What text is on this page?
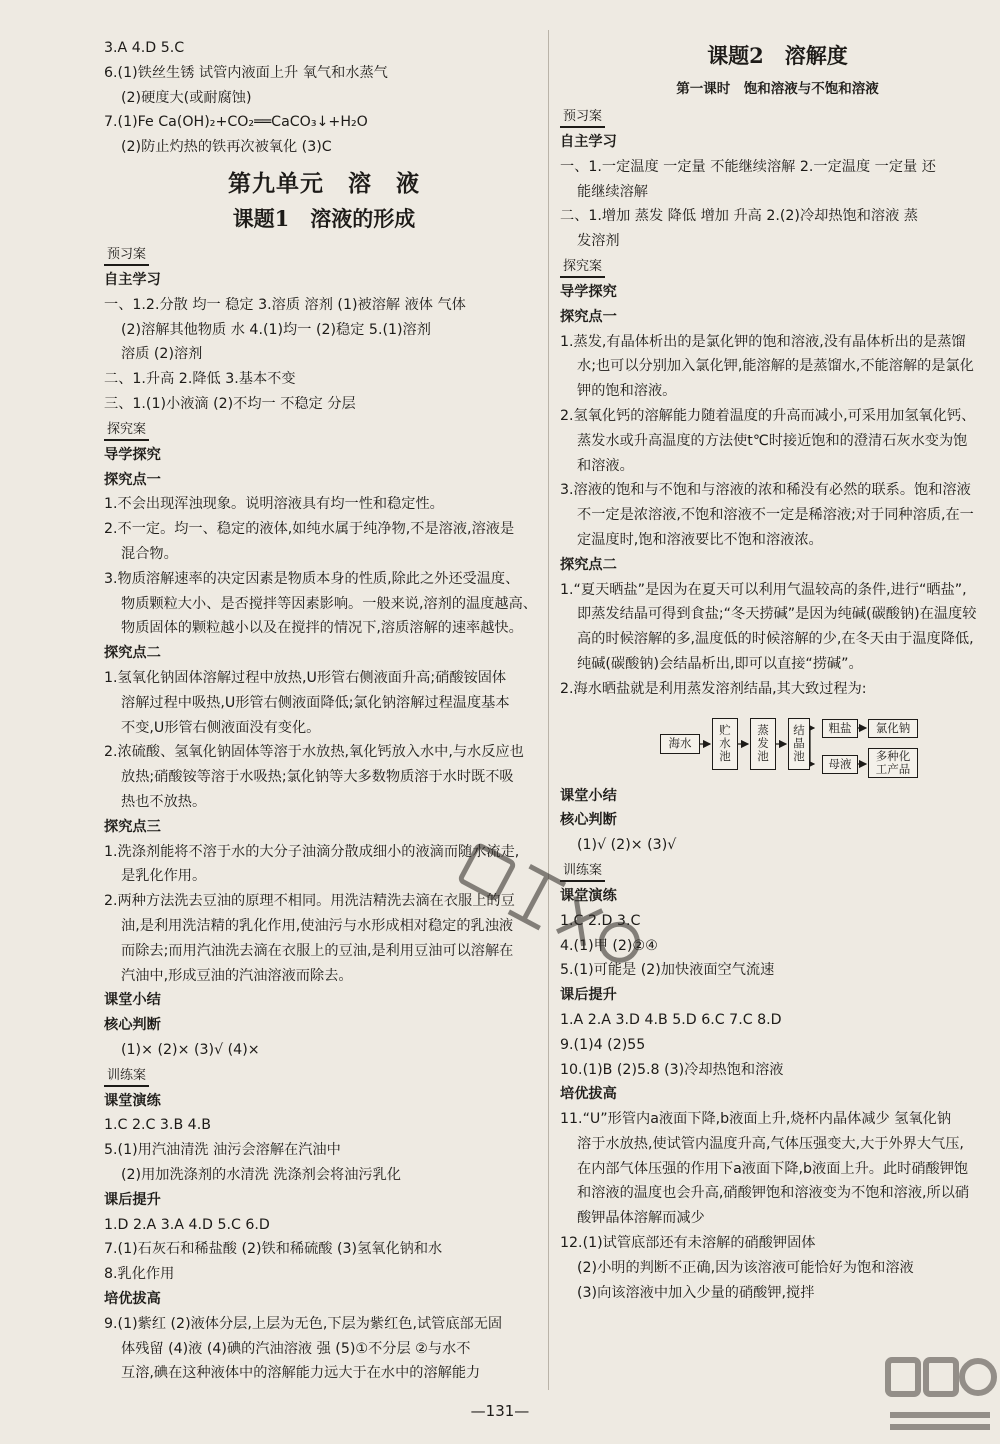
3.A 4.D 5.C
6.(1)铁丝生锈 试管内液面上升 氧气和水蒸气
(2)硬度大(或耐腐蚀)
7.(1)Fe Ca(OH)₂+CO₂══CaCO₃↓+H₂O
(2)防止灼热的铁再次被氧化 (3)C
第九单元　溶　液
课题1　溶液的形成
预习案
自主学习
一、1.2.分散 均一 稳定 3.溶质 溶剂 (1)被溶解 液体 气体
(2)溶解其他物质 水 4.(1)均一 (2)稳定 5.(1)溶剂
溶质 (2)溶剂
二、1.升高 2.降低 3.基本不变
三、1.(1)小液滴 (2)不均一 不稳定 分层
探究案
导学探究
探究点一
1.不会出现浑浊现象。说明溶液具有均一性和稳定性。
2.不一定。均一、稳定的液体,如纯水属于纯净物,不是溶液,溶液是
混合物。
3.物质溶解速率的决定因素是物质本身的性质,除此之外还受温度、
物质颗粒大小、是否搅拌等因素影响。一般来说,溶剂的温度越高、
物质固体的颗粒越小以及在搅拌的情况下,溶质溶解的速率越快。
探究点二
1.氢氧化钠固体溶解过程中放热,U形管右侧液面升高;硝酸铵固体
溶解过程中吸热,U形管右侧液面降低;氯化钠溶解过程温度基本
不变,U形管右侧液面没有变化。
2.浓硫酸、氢氧化钠固体等溶于水放热,氧化钙放入水中,与水反应也
放热;硝酸铵等溶于水吸热;氯化钠等大多数物质溶于水时既不吸
热也不放热。
探究点三
1.洗涤剂能将不溶于水的大分子油滴分散成细小的液滴而随水流走,
是乳化作用。
2.两种方法洗去豆油的原理不相同。用洗洁精洗去滴在衣服上的豆
油,是利用洗洁精的乳化作用,使油污与水形成相对稳定的乳浊液
而除去;而用汽油洗去滴在衣服上的豆油,是利用豆油可以溶解在
汽油中,形成豆油的汽油溶液而除去。
课堂小结
核心判断
(1)× (2)× (3)√ (4)×
训练案
课堂演练
1.C 2.C 3.B 4.B
5.(1)用汽油清洗 油污会溶解在汽油中
(2)用加洗涤剂的水清洗 洗涤剂会将油污乳化
课后提升
1.D 2.A 3.A 4.D 5.C 6.D
7.(1)石灰石和稀盐酸 (2)铁和稀硫酸 (3)氢氧化钠和水
8.乳化作用
培优拔高
9.(1)紫红 (2)液体分层,上层为无色,下层为紫红色,试管底部无固
体残留 (4)液 (4)碘的汽油溶液 强 (5)①不分层 ②与水不
互溶,碘在这种液体中的溶解能力远大于在水中的溶解能力
课题2　溶解度
第一课时　饱和溶液与不饱和溶液
预习案
自主学习
一、1.一定温度 一定量 不能继续溶解 2.一定温度 一定量 还
能继续溶解
二、1.增加 蒸发 降低 增加 升高 2.(2)冷却热饱和溶液 蒸
发溶剂
探究案
导学探究
探究点一
1.蒸发,有晶体析出的是氯化钾的饱和溶液,没有晶体析出的是蒸馏
水;也可以分别加入氯化钾,能溶解的是蒸馏水,不能溶解的是氯化
钾的饱和溶液。
2.氢氧化钙的溶解能力随着温度的升高而减小,可采用加氢氧化钙、
蒸发水或升高温度的方法使t℃时接近饱和的澄清石灰水变为饱
和溶液。
3.溶液的饱和与不饱和与溶液的浓和稀没有必然的联系。饱和溶液
不一定是浓溶液,不饱和溶液不一定是稀溶液;对于同种溶质,在一
定温度时,饱和溶液要比不饱和溶液浓。
探究点二
1.“夏天晒盐”是因为在夏天可以利用气温较高的条件,进行“晒盐”,
即蒸发结晶可得到食盐;“冬天捞碱”是因为纯碱(碳酸钠)在温度较
高的时候溶解的多,温度低的时候溶解的少,在冬天由于温度降低,
纯碱(碳酸钠)会结晶析出,即可以直接“捞碱”。
2.海水晒盐就是利用蒸发溶剂结晶,其大致过程为:
海水
贮水池
蒸发池
结晶池
粗盐	氯化钠
母液
多种化工产品
课堂小结
核心判断
(1)√ (2)× (3)√
训练案
课堂演练
1.C 2.D 3.C
4.(1)甲 (2)②④
5.(1)可能是 (2)加快液面空气流速
课后提升
1.A 2.A 3.D 4.B 5.D 6.C 7.C 8.D
9.(1)4 (2)55
10.(1)B (2)5.8 (3)冷却热饱和溶液
培优拔高
11.“U”形管内a液面下降,b液面上升,烧杯内晶体减少 氢氧化钠
溶于水放热,使试管内温度升高,气体压强变大,大于外界大气压,
在内部气体压强的作用下a液面下降,b液面上升。此时硝酸钾饱
和溶液的温度也会升高,硝酸钾饱和溶液变为不饱和溶液,所以硝
酸钾晶体溶解而减少
12.(1)试管底部还有未溶解的硝酸钾固体
(2)小明的判断不正确,因为该溶液可能恰好为饱和溶液
(3)向该溶液中加入少量的硝酸钾,搅拌
—131—
